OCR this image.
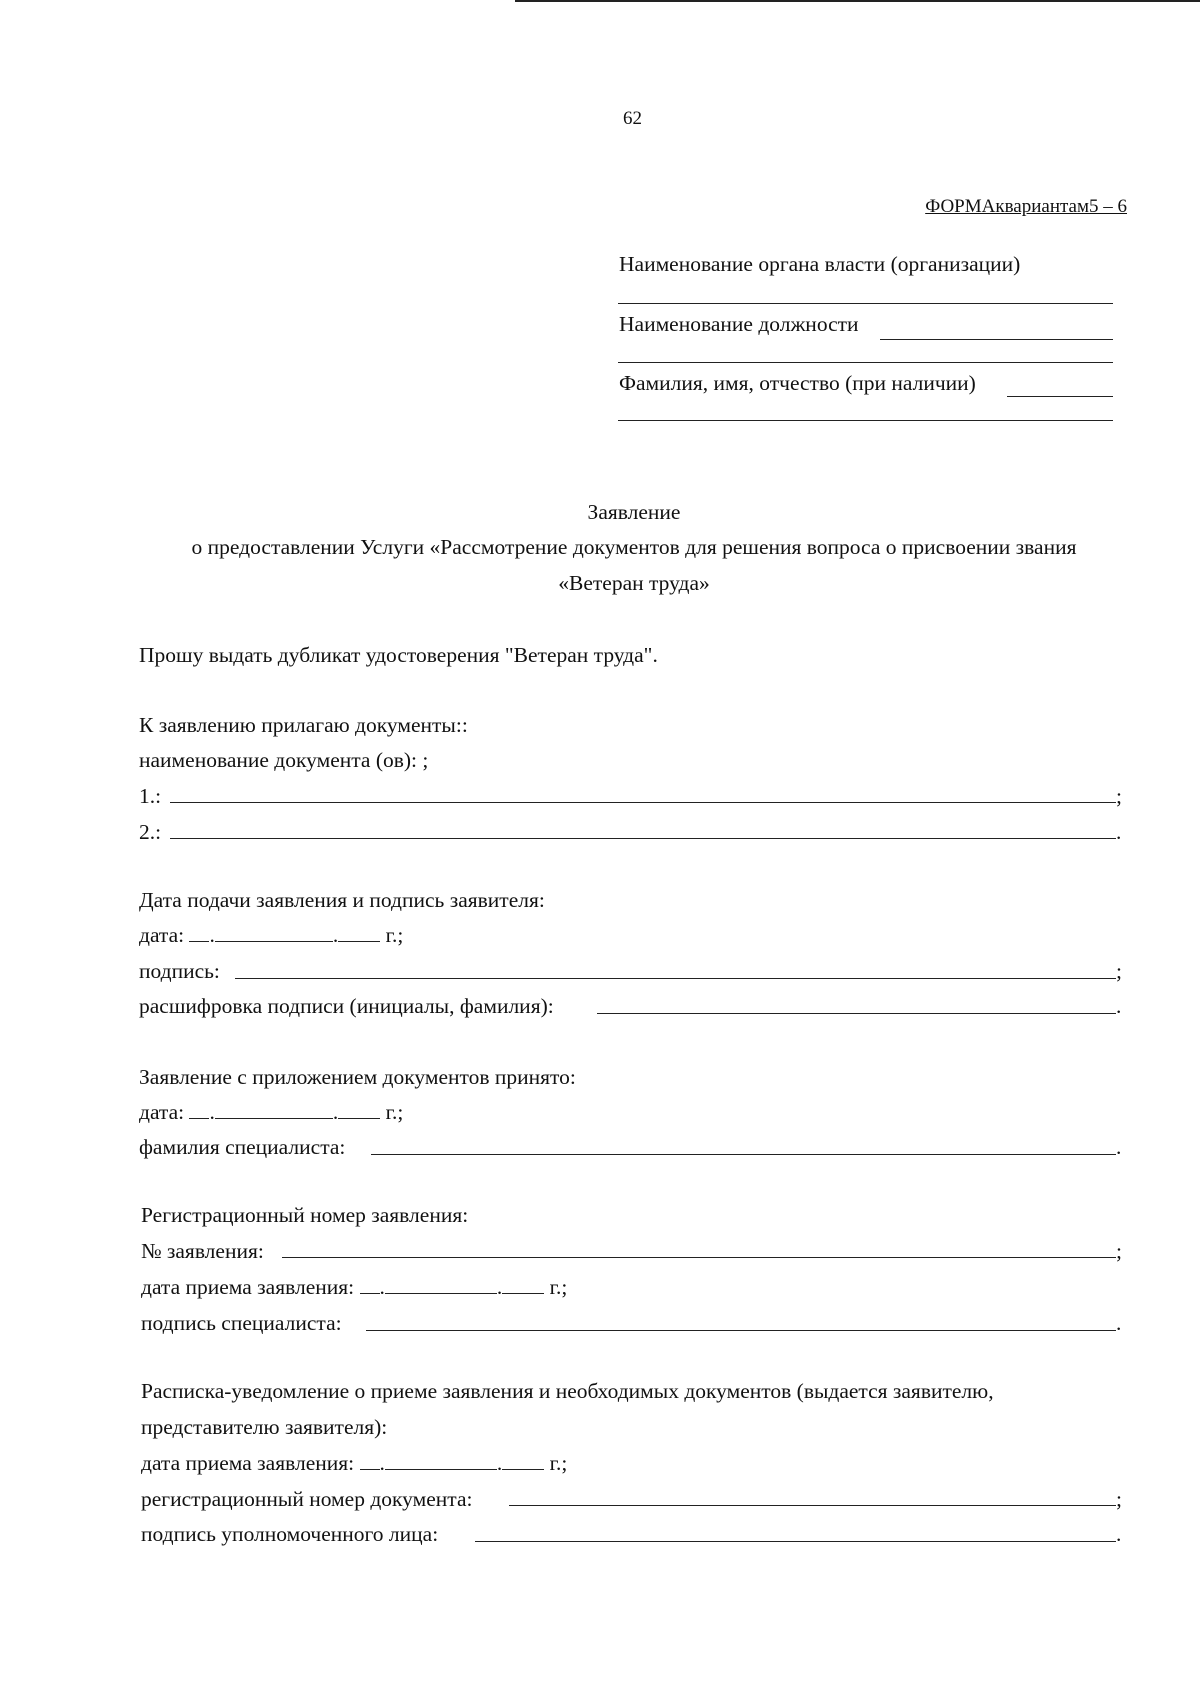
62
ФОРМАквариантам5 – 6
Наименование органа власти (организации)
Наименование должности
Фамилия, имя, отчество (при наличии)
Заявление
о предоставлении Услуги «Рассмотрение документов для решения вопроса о присвоении звания
«Ветеран труда»
Прошу выдать дубликат удостоверения "Ветеран труда".
К заявлению прилагаю документы::
наименование документа (ов): ;
1.:	;
2.:	.
Дата подачи заявления и подпись заявителя:
дата: .	. г.;
подпись:	;
расшифровка подписи (инициалы, фамилия):	.
Заявление с приложением документов принято:
дата: .	. г.;
фамилия специалиста:	.
Регистрационный номер заявления:
№ заявления:	;
дата приема заявления: .	. г.;
подпись специалиста:	.
Расписка-уведомление о приеме заявления и необходимых документов (выдается заявителю,
представителю заявителя):
дата приема заявления: .	. г.;
регистрационный номер документа:	;
подпись уполномоченного лица:	.
